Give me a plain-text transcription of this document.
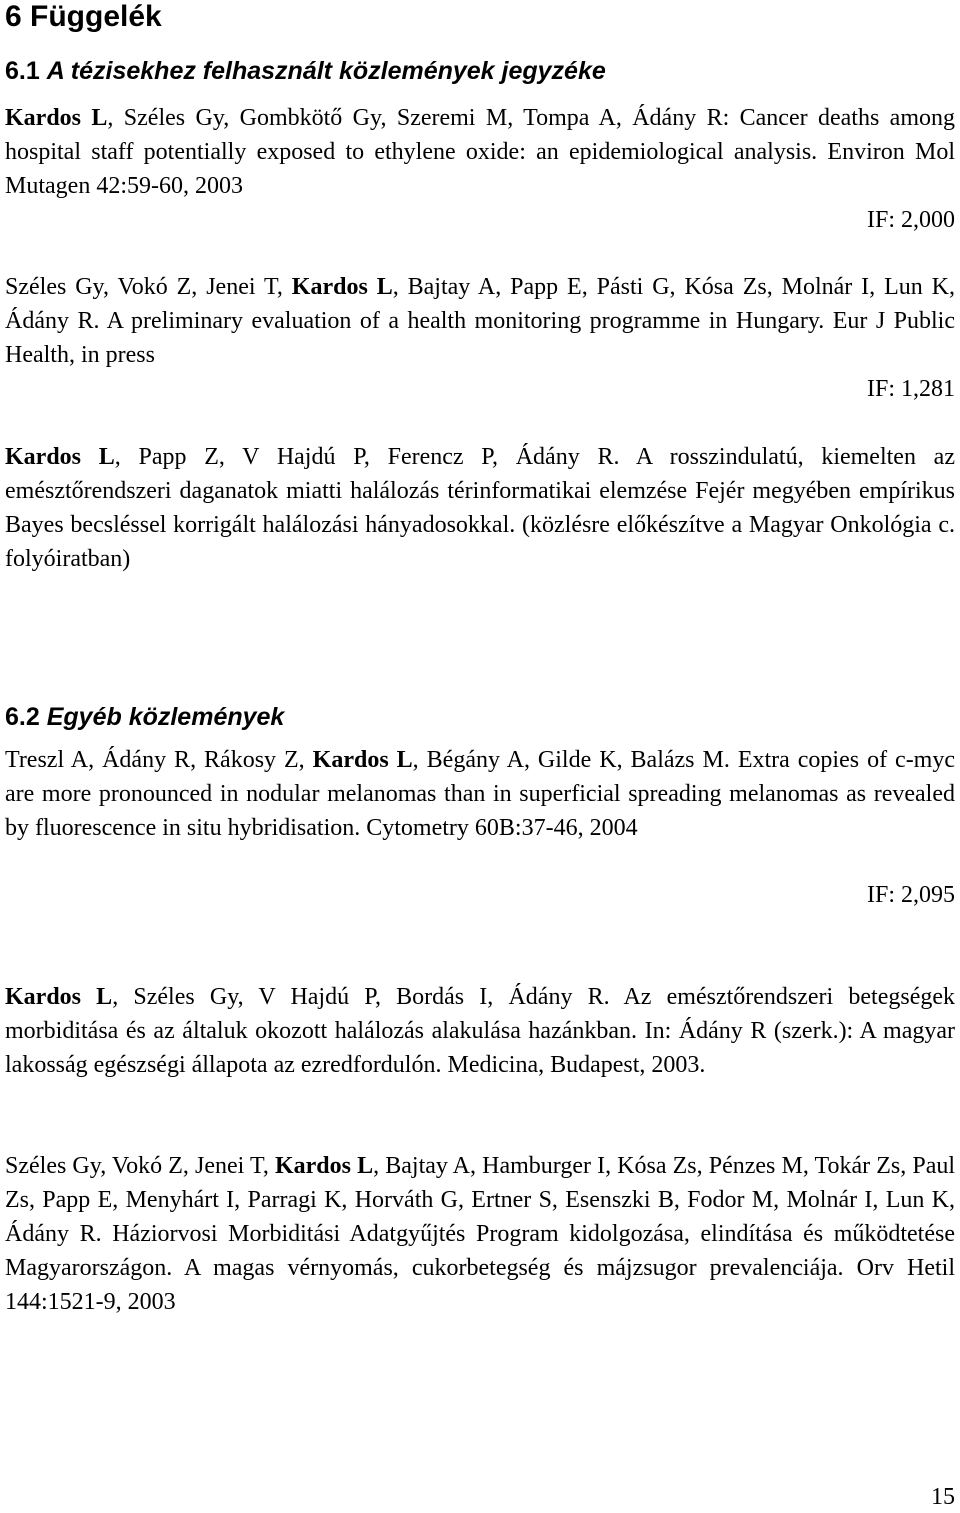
6 Függelék
6.1 A tézisekhez felhasznált közlemények jegyzéke

Kardos L, Széles Gy, Gombkötő Gy, Szeremi M, Tompa A, Ádány R: Cancer deaths among hospital staff potentially exposed to ethylene oxide: an epidemiological analysis. Environ Mol Mutagen 42:59-60, 2003

IF: 2,000

Széles Gy, Vokó Z, Jenei T, Kardos L, Bajtay A, Papp E, Pásti G, Kósa Zs, Molnár I, Lun K, Ádány R. A preliminary evaluation of a health monitoring programme in Hungary. Eur J Public Health, in press

IF: 1,281

Kardos L, Papp Z, V Hajdú P, Ferencz P, Ádány R. A rosszindulatú, kiemelten az emésztőrendszeri daganatok miatti halálozás térinformatikai elemzése Fejér megyében empírikus Bayes becsléssel korrigált halálozási hányadosokkal. (közlésre előkészítve a Magyar Onkológia c. folyóiratban)

6.2 Egyéb közlemények

Treszl A, Ádány R, Rákosy Z, Kardos L, Bégány A, Gilde K, Balázs M. Extra copies of c-myc are more pronounced in nodular melanomas than in superficial spreading melanomas as revealed by fluorescence in situ hybridisation. Cytometry 60B:37-46, 2004

IF: 2,095

Kardos L, Széles Gy, V Hajdú P, Bordás I, Ádány R. Az emésztőrendszeri betegségek morbiditása és az általuk okozott halálozás alakulása hazánkban. In: Ádány R (szerk.): A magyar lakosság egészségi állapota az ezredfordulón. Medicina, Budapest, 2003.

Széles Gy, Vokó Z, Jenei T, Kardos L, Bajtay A, Hamburger I, Kósa Zs, Pénzes M, Tokár Zs, Paul Zs, Papp E, Menyhárt I, Parragi K, Horváth G, Ertner S, Esenszki B, Fodor M, Molnár I, Lun K, Ádány R. Háziorvosi Morbiditási Adatgyűjtés Program kidolgozása, elindítása és működtetése Magyarországon. A magas vérnyomás, cukorbetegség és májzsugor prevalenciája. Orv Hetil 144:1521-9, 2003

15
